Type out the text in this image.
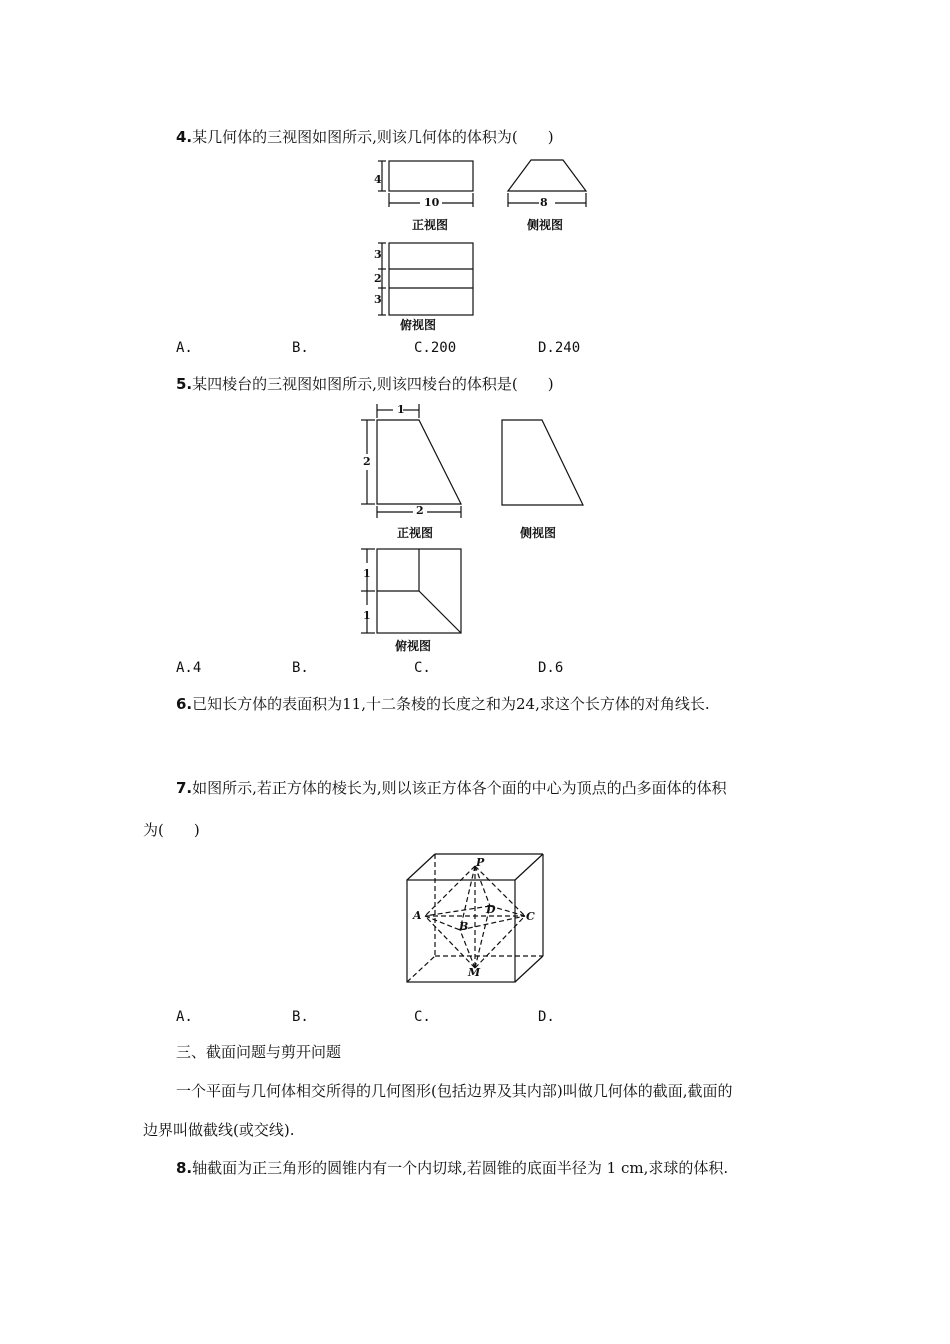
4.某几何体的三视图如图所示,则该几何体的体积为(　　)
4
10
正视图
8
侧视图
3
2
3
俯视图
A.	B.	C.200	D.240
5.某四棱台的三视图如图所示,则该四棱台的体积是(　　)
1
2
2
正视图	侧视图
1
1
俯视图
A.4	B.	C.	D.6
6.已知长方体的表面积为11,十二条棱的长度之和为24,求这个长方体的对角线长.
7.如图所示,若正方体的棱长为,则以该正方体各个面的中心为顶点的凸多面体的体积
为(　　)
P
A	D
B
C
M
A.	B.	C.	D.
三、截面问题与剪开问题
一个平面与几何体相交所得的几何图形(包括边界及其内部)叫做几何体的截面,截面的
边界叫做截线(或交线).
8.轴截面为正三角形的圆锥内有一个内切球,若圆锥的底面半径为 1 cm,求球的体积.
